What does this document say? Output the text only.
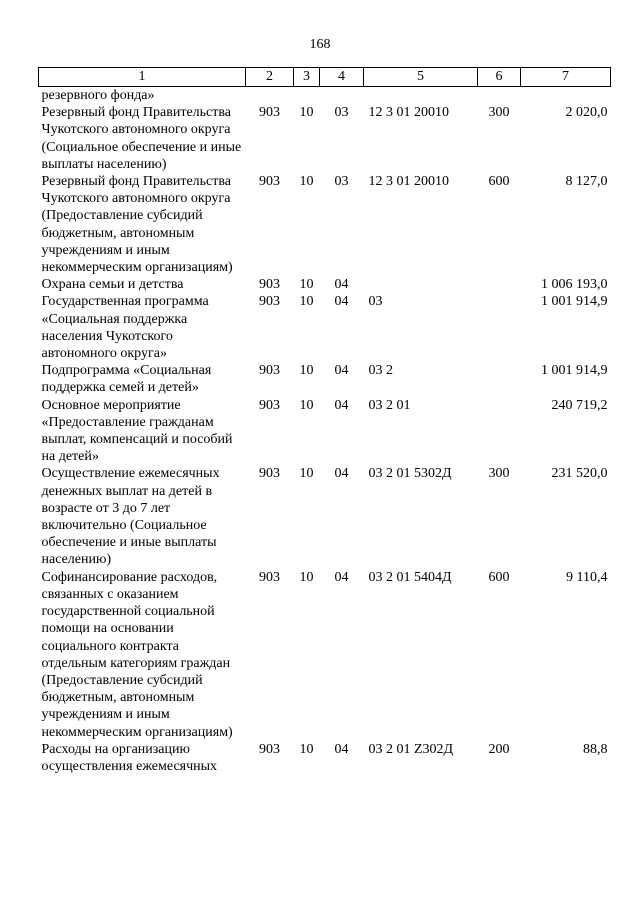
168
1	2	3	4	5	6	7
резервного фонда»						
Резервный фонд Правительства Чукотского автономного округа (Социальное обеспечение и иные выплаты населению)	903	10	03	12 3 01 20010	300	2 020,0
Резервный фонд Правительства Чукотского автономного округа (Предоставление субсидий бюджетным, автономным учреждениям и иным некоммерческим организациям)	903	10	03	12 3 01 20010	600	8 127,0
Охрана семьи и детства	903	10	04			1 006 193,0
Государственная программа «Социальная поддержка населения Чукотского автономного округа»	903	10	04	03		1 001 914,9
Подпрограмма «Социальная поддержка семей и детей»	903	10	04	03 2		1 001 914,9
Основное мероприятие «Предоставление гражданам выплат, компенсаций и пособий на детей»	903	10	04	03 2 01		240 719,2
Осуществление ежемесячных денежных выплат на детей в возрасте от 3 до 7 лет включительно (Социальное обеспечение и иные выплаты населению)	903	10	04	03 2 01 5302Д	300	231 520,0
Софинансирование расходов, связанных с оказанием государственной социальной помощи на основании социального контракта отдельным категориям граждан (Предоставление субсидий бюджетным, автономным учреждениям и иным некоммерческим организациям)	903	10	04	03 2 01 5404Д	600	9 110,4
Расходы на организацию осуществления ежемесячных	903	10	04	03 2 01 Z302Д	200	88,8
